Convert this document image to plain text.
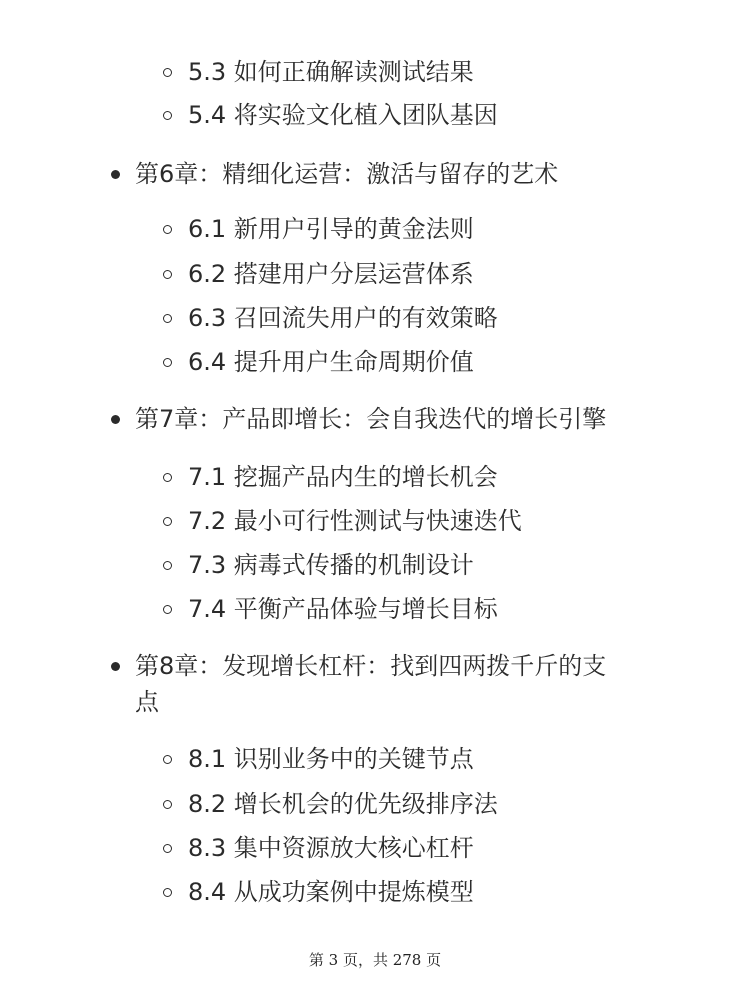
5.3 如何正确解读测试结果
5.4 将实验文化植入团队基因
第6章：精细化运营：激活与留存的艺术
6.1 新用户引导的黄金法则
6.2 搭建用户分层运营体系
6.3 召回流失用户的有效策略
6.4 提升用户生命周期价值
第7章：产品即增长：会自我迭代的增长引擎
7.1 挖掘产品内生的增长机会
7.2 最小可行性测试与快速迭代
7.3 病毒式传播的机制设计
7.4 平衡产品体验与增长目标
第8章：发现增长杠杆：找到四两拨千斤的支
点
8.1 识别业务中的关键节点
8.2 增长机会的优先级排序法
8.3 集中资源放大核心杠杆
8.4 从成功案例中提炼模型
第 3 页，共 278 页
